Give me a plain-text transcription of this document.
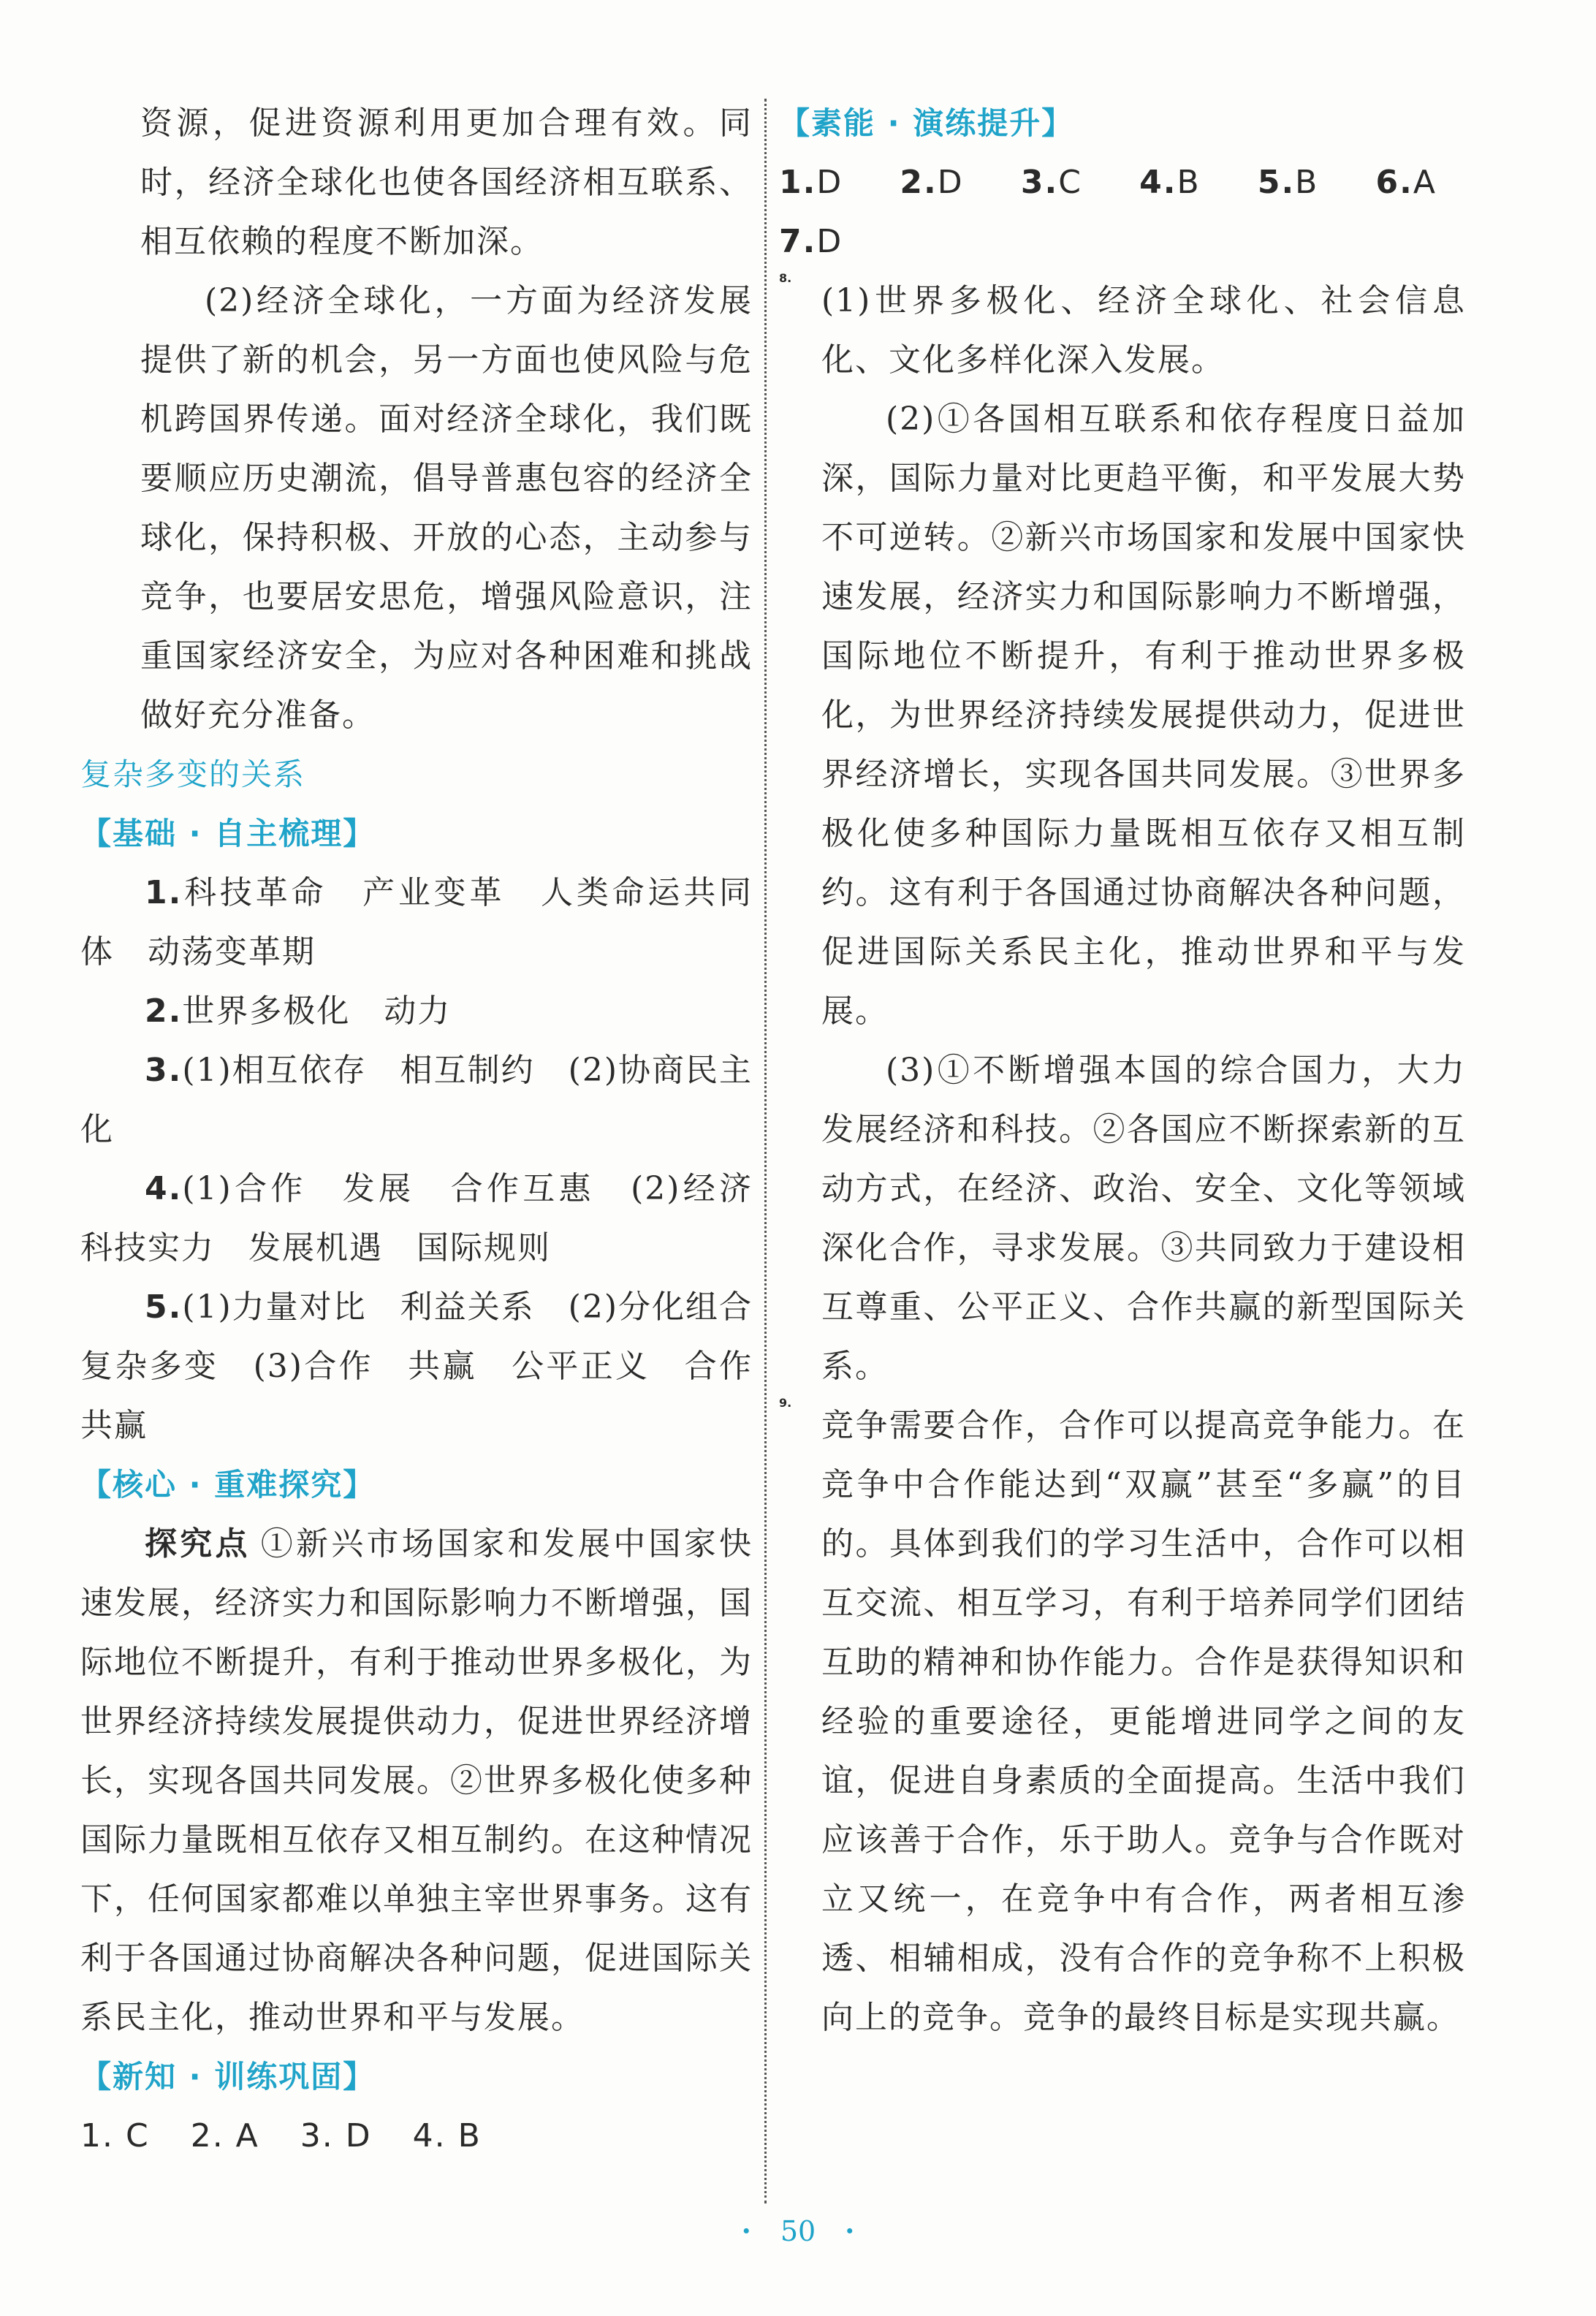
资源，促进资源利用更加合理有效。同时，经济全球化也使各国经济相互联系、相互依赖的程度不断加深。

(2)经济全球化，一方面为经济发展提供了新的机会，另一方面也使风险与危机跨国界传递。面对经济全球化，我们既要顺应历史潮流，倡导普惠包容的经济全球化，保持积极、开放的心态，主动参与竞争，也要居安思危，增强风险意识，注重国家经济安全，为应对各种困难和挑战做好充分准备。

复杂多变的关系
【基础 · 自主梳理】

1.科技革命　产业变革　人类命运共同体　动荡变革期

2.世界多极化　动力

3.(1)相互依存　相互制约　(2)协商民主化

4.(1)合作　发展　合作互惠　(2)经济　科技实力　发展机遇　国际规则

5.(1)力量对比　利益关系　(2)分化组合　复杂多变　(3)合作　共赢　公平正义　合作共赢

【核心 · 重难探究】

探究点 ①新兴市场国家和发展中国家快速发展，经济实力和国际影响力不断增强，国际地位不断提升，有利于推动世界多极化，为世界经济持续发展提供动力，促进世界经济增长，实现各国共同发展。②世界多极化使多种国际力量既相互依存又相互制约。在这种情况下，任何国家都难以单独主宰世界事务。这有利于各国通过协商解决各种问题，促进国际关系民主化，推动世界和平与发展。

【新知 · 训练巩固】

1. C 2. A 3. D 4. B

【素能 · 演练提升】

1.D 2.D 3.C 4.B 5.B 6.A 7.D

8.

(1)世界多极化、经济全球化、社会信息化、文化多样化深入发展。

(2)①各国相互联系和依存程度日益加深，国际力量对比更趋平衡，和平发展大势不可逆转。②新兴市场国家和发展中国家快速发展，经济实力和国际影响力不断增强，国际地位不断提升，有利于推动世界多极化，为世界经济持续发展提供动力，促进世界经济增长，实现各国共同发展。③世界多极化使多种国际力量既相互依存又相互制约。这有利于各国通过协商解决各种问题，促进国际关系民主化，推动世界和平与发展。

(3)①不断增强本国的综合国力，大力发展经济和科技。②各国应不断探索新的互动方式，在经济、政治、安全、文化等领域深化合作，寻求发展。③共同致力于建设相互尊重、公平正义、合作共赢的新型国际关系。

9.

竞争需要合作，合作可以提高竞争能力。在竞争中合作能达到“双赢”甚至“多赢”的目的。具体到我们的学习生活中，合作可以相互交流、相互学习，有利于培养同学们团结互助的精神和协作能力。合作是获得知识和经验的重要途径，更能增进同学之间的友谊，促进自身素质的全面提高。生活中我们应该善于合作，乐于助人。竞争与合作既对立又统一，在竞争中有合作，两者相互渗透、相辅相成，没有合作的竞争称不上积极向上的竞争。竞争的最终目标是实现共赢。

· 50 ·
